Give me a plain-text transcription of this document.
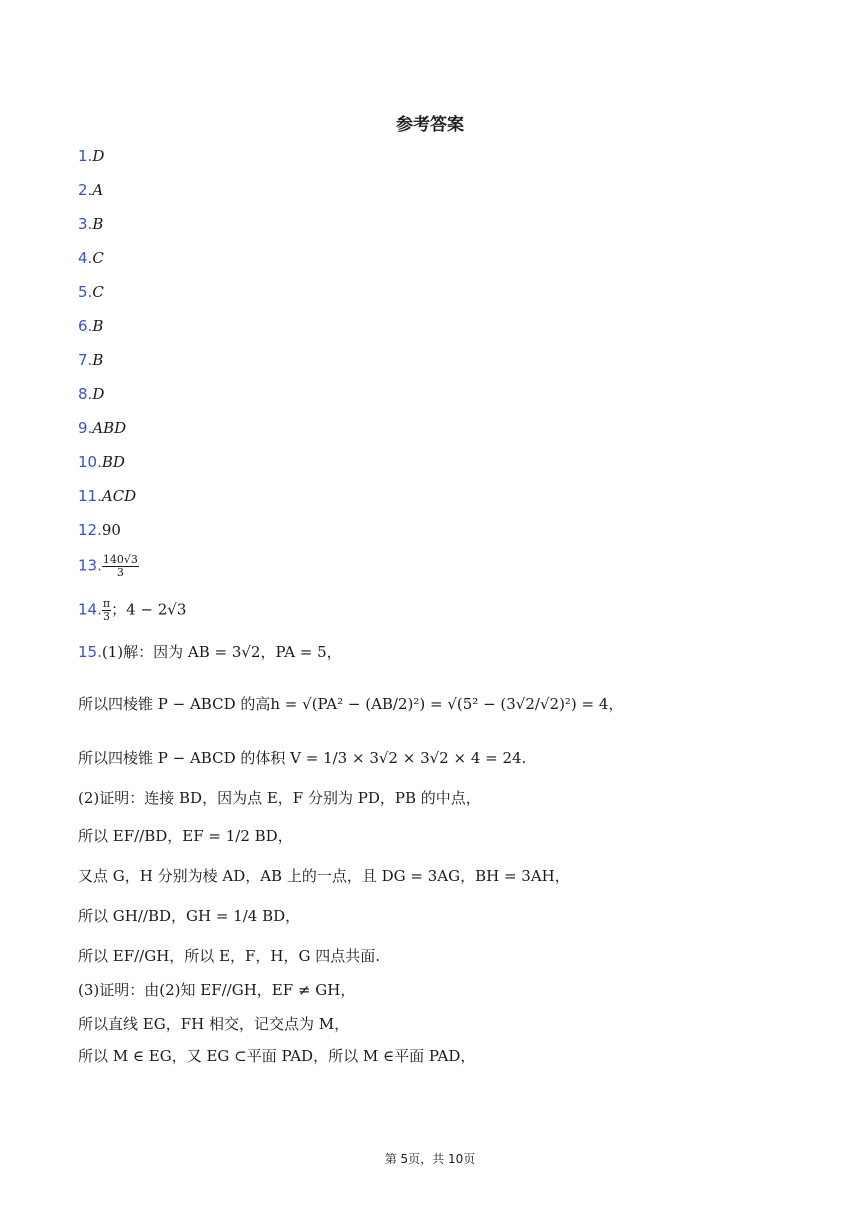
参考答案
1.D
2.A
3.B
4.C
5.C
6.B
7.B
8.D
9.ABD
10.BD
11.ACD
12.90
13. $\frac{140√3}{3}$
14. $\frac{\pi}{3}$ ；4 − 2√3
15.(1)解：因为 AB = 3√2，PA = 5，
所以四棱锥 P − ABCD 的高h = √(PA² − (AB/2)²) = √(5² − (3√2/√2)²) = 4，
所以四棱锥 P − ABCD 的体积 V = 1/3 × 3√2 × 3√2 × 4 = 24.
(2)证明：连接 BD，因为点 E，F 分别为 PD，PB 的中点，
所以 EF//BD，EF = 1/2 BD，
又点 G，H 分别为棱 AD，AB 上的一点，且 DG = 3AG，BH = 3AH，
所以 GH//BD，GH = 1/4 BD，
所以 EF//GH，所以 E，F，H，G 四点共面.
(3)证明：由(2)知 EF//GH，EF ≠ GH，
所以直线 EG，FH 相交，记交点为 M，
所以 M ∈ EG，又 EG ⊂平面 PAD，所以 M ∈平面 PAD，
第 5页，共 10页
